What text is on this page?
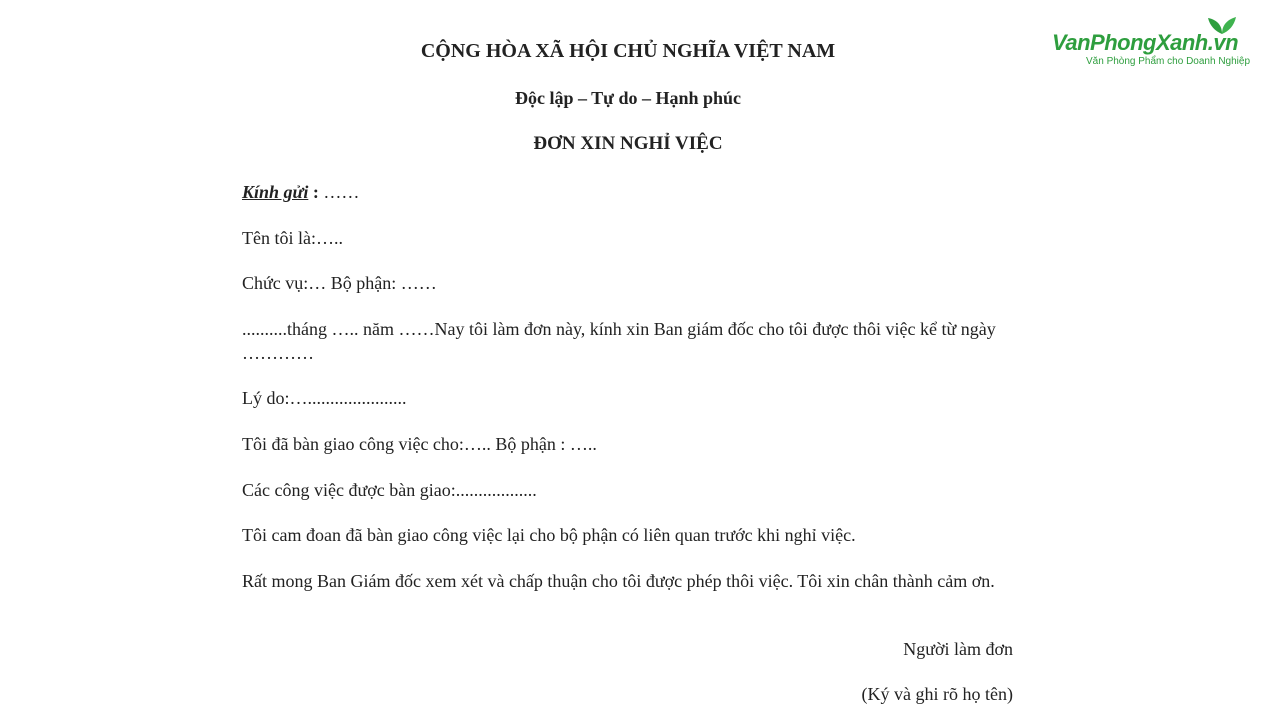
VanPhongXanh.vn
Văn Phòng Phẩm cho Doanh Nghiệp
CỘNG HÒA XÃ HỘI CHỦ NGHĨA VIỆT NAM
Độc lập – Tự do – Hạnh phúc
ĐƠN XIN NGHỈ VIỆC
Kính gửi : ……
Tên tôi là:…..
Chức vụ:… Bộ phận: ……
..........tháng ….. năm ……Nay tôi làm đơn này, kính xin Ban giám đốc cho tôi được thôi việc kể từ ngày …………
Lý do:…......................
Tôi đã bàn giao công việc cho:….. Bộ phận : …..
Các công việc được bàn giao:..................
Tôi cam đoan đã bàn giao công việc lại cho bộ phận có liên quan trước khi nghỉ việc.
Rất mong Ban Giám đốc xem xét và chấp thuận cho tôi được phép thôi việc. Tôi xin chân thành cảm ơn.
Người làm đơn
(Ký và ghi rõ họ tên)
